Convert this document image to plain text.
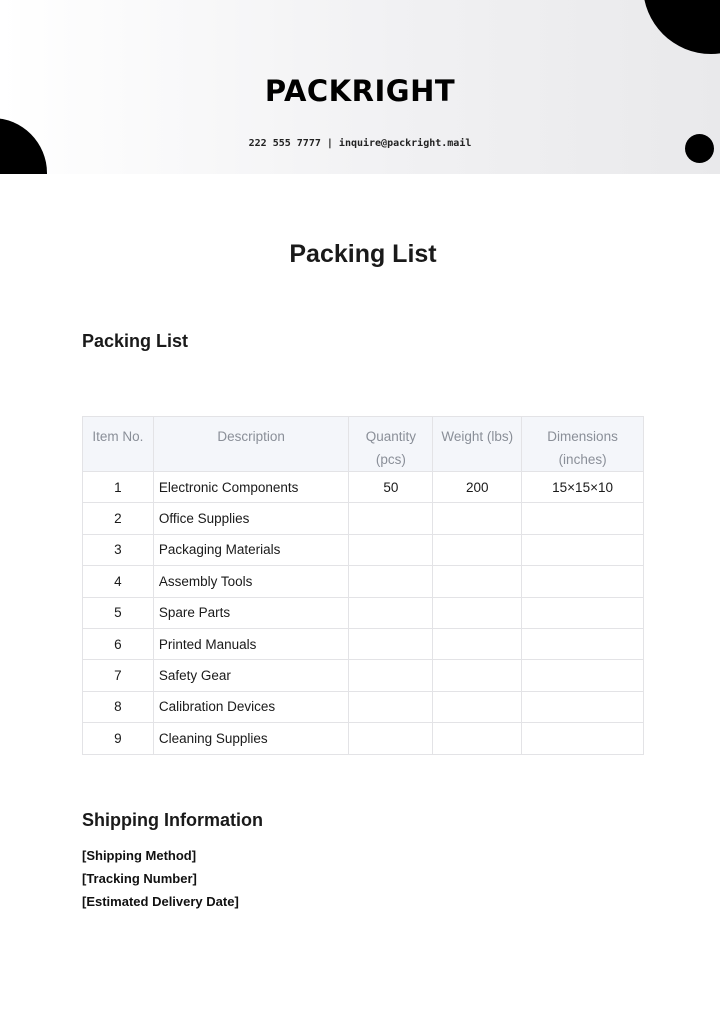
PACKRIGHT
222 555 7777 | inquire@packright.mail
Packing List
Packing List
Item No.	Description	Quantity (pcs)	Weight (lbs)	Dimensions (inches)
1	Electronic Components	50	200	15×15×10
2	Office Supplies			
3	Packaging Materials			
4	Assembly Tools			
5	Spare Parts			
6	Printed Manuals			
7	Safety Gear			
8	Calibration Devices			
9	Cleaning Supplies			
Shipping Information
[Shipping Method]
[Tracking Number]
[Estimated Delivery Date]
